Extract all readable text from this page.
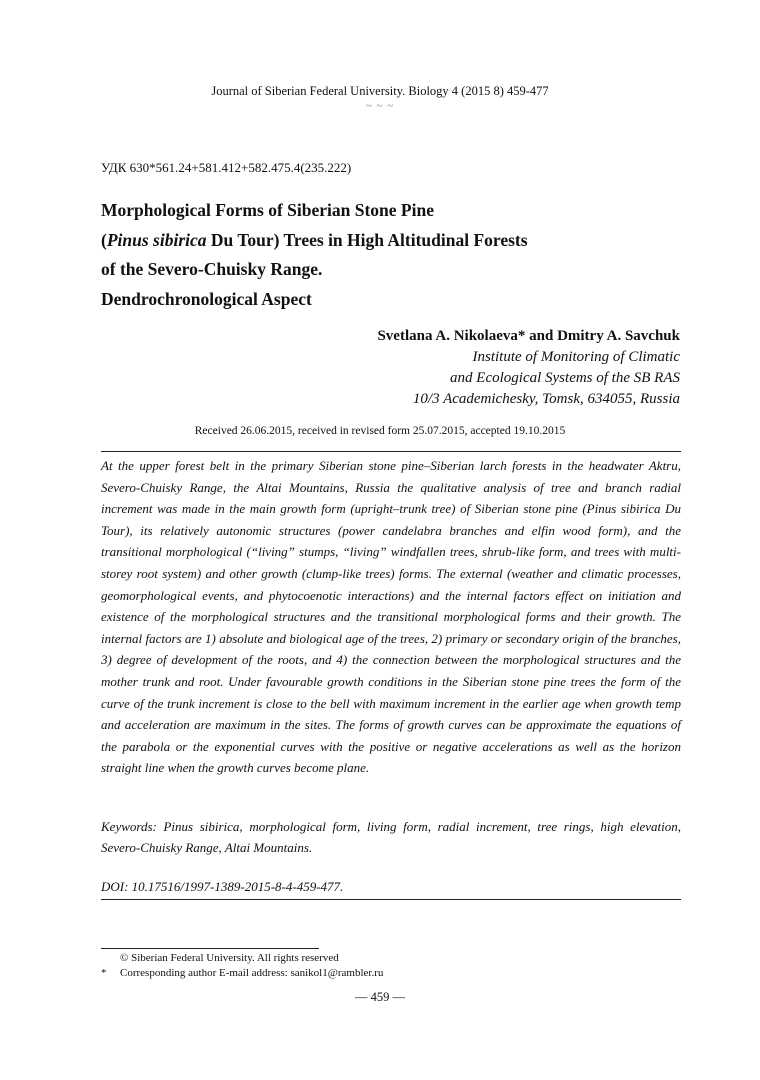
Journal of Siberian Federal University. Biology 4 (2015 8) 459-477
~ ~ ~
УДК 630*561.24+581.412+582.475.4(235.222)
Morphological Forms of Siberian Stone Pine
(Pinus sibirica Du Tour) Trees in High Altitudinal Forests
of the Severo-Chuisky Range.
Dendrochronological Aspect
Svetlana A. Nikolaeva* and Dmitry A. Savchuk
Institute of Monitoring of Climatic
and Ecological Systems of the SB RAS
10/3 Academichesky, Tomsk, 634055, Russia
Received 26.06.2015, received in revised form 25.07.2015, accepted 19.10.2015

At the upper forest belt in the primary Siberian stone pine–Siberian larch forests in the headwater Aktru, Severo-Chuisky Range, the Altai Mountains, Russia the qualitative analysis of tree and branch radial increment was made in the main growth form (upright–trunk tree) of Siberian stone pine (Pinus sibirica Du Tour), its relatively autonomic structures (power candelabra branches and elfin wood form), and the transitional morphological (“living” stumps, “living” windfallen trees, shrub-like form, and trees with multi-storey root system) and other growth (clump-like trees) forms. The external (weather and climatic processes, geomorphological events, and phytocoenotic interactions) and the internal factors effect on initiation and existence of the morphological structures and the transitional morphological forms and their growth. The internal factors are 1) absolute and biological age of the trees, 2) primary or secondary origin of the branches, 3) degree of development of the roots, and 4) the connection between the morphological structures and the mother trunk and root. Under favourable growth conditions in the Siberian stone pine trees the form of the curve of the trunk increment is close to the bell with maximum increment in the earlier age when growth temp and acceleration are maximum in the sites. The forms of growth curves can be approximate the equations of the parabola or the exponential curves with the positive or negative accelerations as well as the horizon straight line when the growth curves become plane.

Keywords: Pinus sibirica, morphological form, living form, radial increment, tree rings, high elevation, Severo-Chuisky Range, Altai Mountains.

DOI: 10.17516/1997-1389-2015-8-4-459-477.
© Siberian Federal University. All rights reserved
* Corresponding author E-mail address: sanikol1@rambler.ru
— 459 —
